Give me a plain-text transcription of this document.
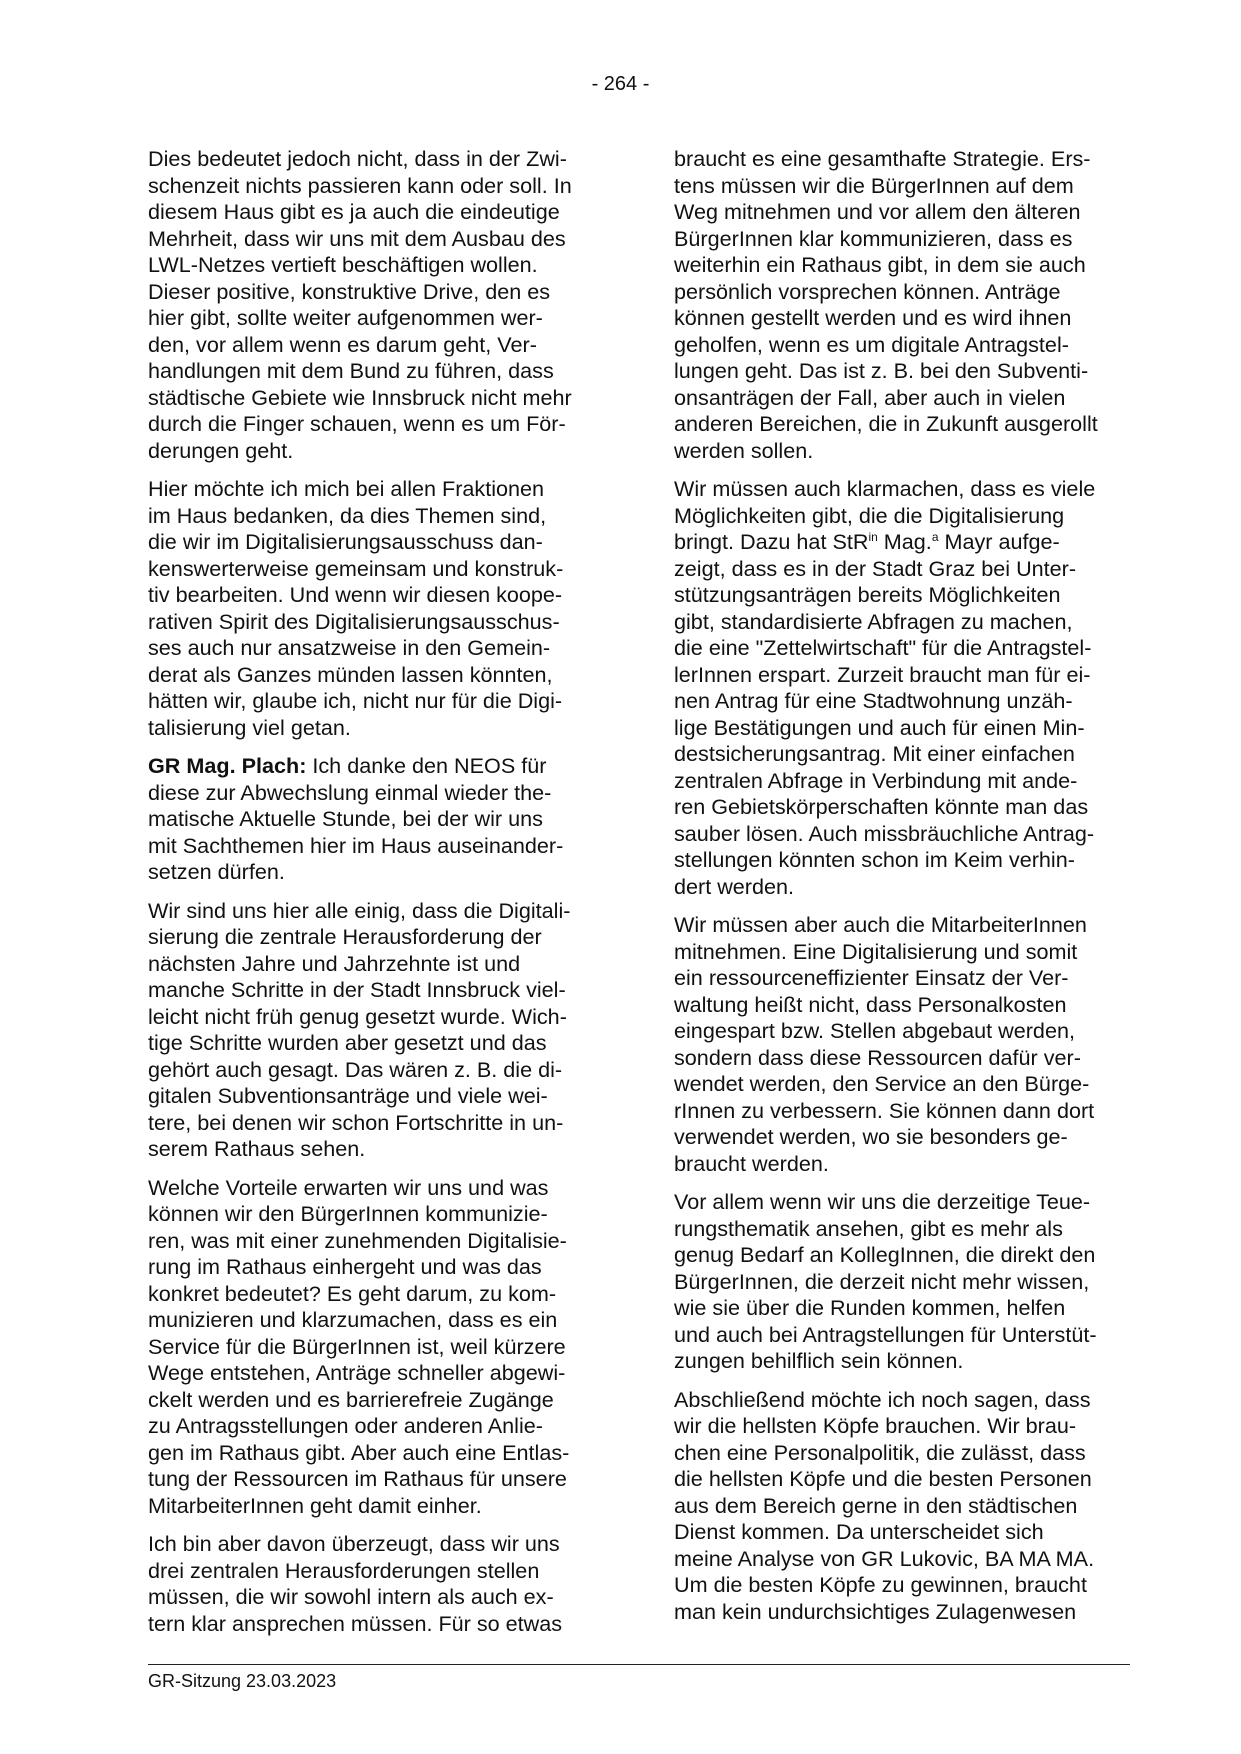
- 264 -

Dies bedeutet jedoch nicht, dass in der Zwi-
schenzeit nichts passieren kann oder soll. In
diesem Haus gibt es ja auch die eindeutige
Mehrheit, dass wir uns mit dem Ausbau des
LWL-Netzes vertieft beschäftigen wollen.
Dieser positive, konstruktive Drive, den es
hier gibt, sollte weiter aufgenommen wer-
den, vor allem wenn es darum geht, Ver-
handlungen mit dem Bund zu führen, dass
städtische Gebiete wie Innsbruck nicht mehr
durch die Finger schauen, wenn es um För-
derungen geht.

Hier möchte ich mich bei allen Fraktionen
im Haus bedanken, da dies Themen sind,
die wir im Digitalisierungsausschuss dan-
kenswerterweise gemeinsam und konstruk-
tiv bearbeiten. Und wenn wir diesen koope-
rativen Spirit des Digitalisierungsausschus-
ses auch nur ansatzweise in den Gemein-
derat als Ganzes münden lassen könnten,
hätten wir, glaube ich, nicht nur für die Digi-
talisierung viel getan.

GR Mag. Plach: Ich danke den NEOS für
diese zur Abwechslung einmal wieder the-
matische Aktuelle Stunde, bei der wir uns
mit Sachthemen hier im Haus auseinander-
setzen dürfen.

Wir sind uns hier alle einig, dass die Digitali-
sierung die zentrale Herausforderung der
nächsten Jahre und Jahrzehnte ist und
manche Schritte in der Stadt Innsbruck viel-
leicht nicht früh genug gesetzt wurde. Wich-
tige Schritte wurden aber gesetzt und das
gehört auch gesagt. Das wären z. B. die di-
gitalen Subventionsanträge und viele wei-
tere, bei denen wir schon Fortschritte in un-
serem Rathaus sehen.

Welche Vorteile erwarten wir uns und was
können wir den BürgerInnen kommunizie-
ren, was mit einer zunehmenden Digitalisie-
rung im Rathaus einhergeht und was das
konkret bedeutet? Es geht darum, zu kom-
munizieren und klarzumachen, dass es ein
Service für die BürgerInnen ist, weil kürzere
Wege entstehen, Anträge schneller abgewi-
ckelt werden und es barrierefreie Zugänge
zu Antragsstellungen oder anderen Anlie-
gen im Rathaus gibt. Aber auch eine Entlas-
tung der Ressourcen im Rathaus für unsere
MitarbeiterInnen geht damit einher.

Ich bin aber davon überzeugt, dass wir uns
drei zentralen Herausforderungen stellen
müssen, die wir sowohl intern als auch ex-
tern klar ansprechen müssen. Für so etwas

braucht es eine gesamthafte Strategie. Ers-
tens müssen wir die BürgerInnen auf dem
Weg mitnehmen und vor allem den älteren
BürgerInnen klar kommunizieren, dass es
weiterhin ein Rathaus gibt, in dem sie auch
persönlich vorsprechen können. Anträge
können gestellt werden und es wird ihnen
geholfen, wenn es um digitale Antragstel-
lungen geht. Das ist z. B. bei den Subventi-
onsanträgen der Fall, aber auch in vielen
anderen Bereichen, die in Zukunft ausgerollt
werden sollen.

Wir müssen auch klarmachen, dass es viele
Möglichkeiten gibt, die die Digitalisierung
bringt. Dazu hat StR$^{in}$ Mag.$^a$ Mayr aufge-
zeigt, dass es in der Stadt Graz bei Unter-
stützungsanträgen bereits Möglichkeiten
gibt, standardisierte Abfragen zu machen,
die eine "Zettelwirtschaft" für die Antragstel-
lerInnen erspart. Zurzeit braucht man für ei-
nen Antrag für eine Stadtwohnung unzäh-
lige Bestätigungen und auch für einen Min-
destsicherungsantrag. Mit einer einfachen
zentralen Abfrage in Verbindung mit ande-
ren Gebietskörperschaften könnte man das
sauber lösen. Auch missbräuchliche Antrag-
stellungen könnten schon im Keim verhin-
dert werden.

Wir müssen aber auch die MitarbeiterInnen
mitnehmen. Eine Digitalisierung und somit
ein ressourceneffizienter Einsatz der Ver-
waltung heißt nicht, dass Personalkosten
eingespart bzw. Stellen abgebaut werden,
sondern dass diese Ressourcen dafür ver-
wendet werden, den Service an den Bürge-
rInnen zu verbessern. Sie können dann dort
verwendet werden, wo sie besonders ge-
braucht werden.

Vor allem wenn wir uns die derzeitige Teue-
rungsthematik ansehen, gibt es mehr als
genug Bedarf an KollegInnen, die direkt den
BürgerInnen, die derzeit nicht mehr wissen,
wie sie über die Runden kommen, helfen
und auch bei Antragstellungen für Unterstüt-
zungen behilflich sein können.

Abschließend möchte ich noch sagen, dass
wir die hellsten Köpfe brauchen. Wir brau-
chen eine Personalpolitik, die zulässt, dass
die hellsten Köpfe und die besten Personen
aus dem Bereich gerne in den städtischen
Dienst kommen. Da unterscheidet sich
meine Analyse von GR Lukovic, BA MA MA.
Um die besten Köpfe zu gewinnen, braucht
man kein undurchsichtiges Zulagenwesen

GR-Sitzung 23.03.2023
